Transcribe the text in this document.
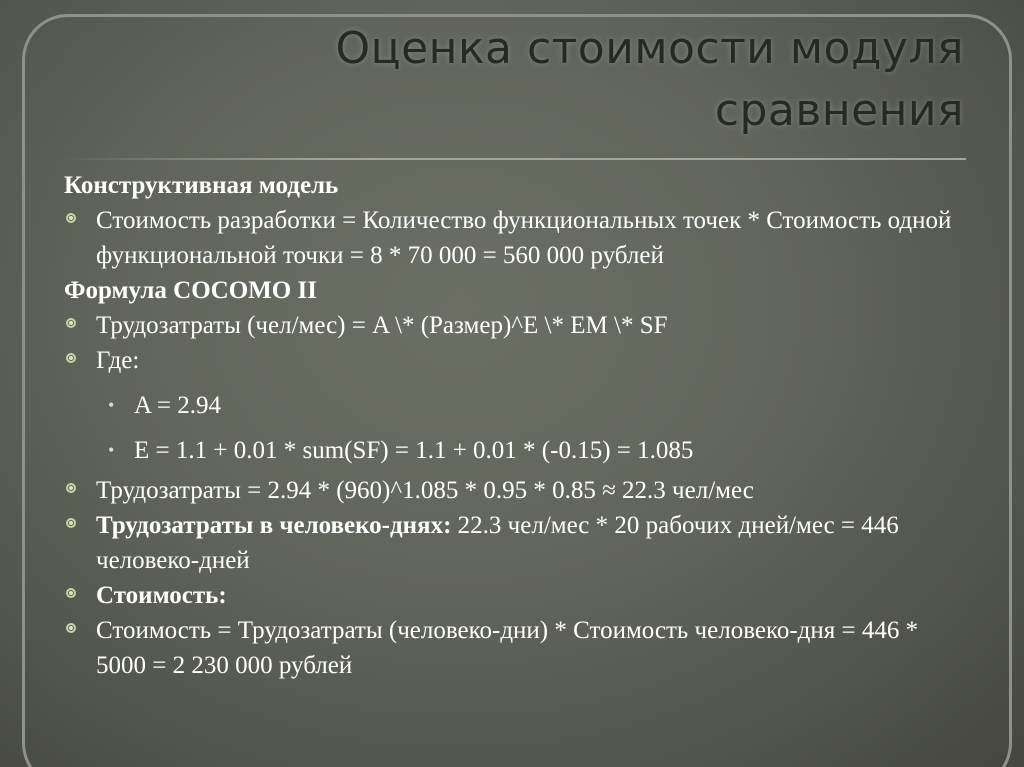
Оценка стоимости модуля
сравнения

Конструктивная модель

Стоимость разработки = Количество функциональных точек * Стоимость одной функциональной точки = 8 * 70 000 = 560 000 рублей

Формула COCOMO II

Трудозатраты (чел/мес) = A \* (Размер)^E \* EM \* SF
Где:
• A = 2.94
• E = 1.1 + 0.01 * sum(SF) = 1.1 + 0.01 * (-0.15) = 1.085
Трудозатраты = 2.94 * (960)^1.085 * 0.95 * 0.85 ≈ 22.3 чел/мес
Трудозатраты в человеко-днях: 22.3 чел/мес * 20 рабочих дней/мес = 446 человеко-дней
Стоимость:
Стоимость = Трудозатраты (человеко-дни) * Стоимость человеко-дня = 446 * 5000 = 2 230 000 рублей
